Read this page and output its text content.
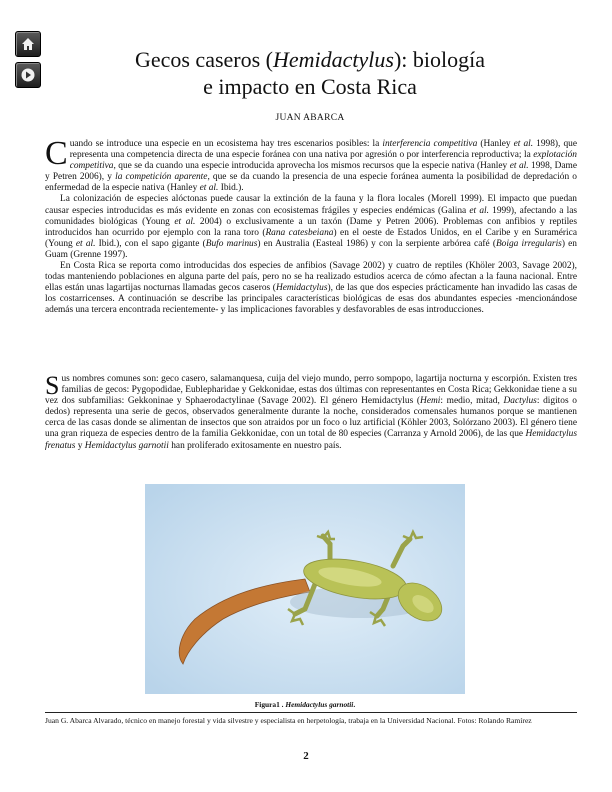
Gecos caseros (Hemidactylus): biología
e impacto en Costa Rica
JUAN ABARCA

Cuando se introduce una especie en un ecosistema hay tres escenarios posibles: la interferencia competitiva (Hanley et al. 1998), que representa una competencia directa de una especie foránea con una nativa por agresión o por interferencia reproductiva; la explotación competitiva, que se da cuando una especie introducida aprovecha los mismos recursos que la especie nativa (Hanley et al. 1998, Dame y Petren 2006), y la competición aparente, que se da cuando la presencia de una especie foránea aumenta la posibilidad de depredación o enfermedad de la especie nativa (Hanley et al. Ibid.).

La colonización de especies alóctonas puede causar la extinción de la fauna y la flora locales (Morell 1999). El impacto que puedan causar especies introducidas es más evidente en zonas con ecosistemas frágiles y especies endémicas (Galina et al. 1999), afectando a las comunidades biológicas (Young et al. 2004) o exclusivamente a un taxón (Dame y Petren 2006). Problemas con anfibios y reptiles introducidos han ocurrido por ejemplo con la rana toro (Rana catesbeiana) en el oeste de Estados Unidos, en el Caribe y en Suramérica (Young et al. Ibid.), con el sapo gigante (Bufo marinus) en Australia (Easteal 1986) y con la serpiente arbórea café (Boiga irregularis) en Guam (Grenne 1997).

En Costa Rica se reporta como introducidas dos especies de anfibios (Savage 2002) y cuatro de reptiles (Khöler 2003, Savage 2002), todas manteniendo poblaciones en alguna parte del país, pero no se ha realizado estudios acerca de cómo afectan a la fauna nacional. Entre ellas están unas lagartijas nocturnas llamadas gecos caseros (Hemidactylus), de las que dos especies prácticamente han invadido las casas de los costarricenses. A continuación se describe las principales características biológicas de esas dos abundantes especies -mencionándose además una tercera encontrada recientemente- y las implicaciones favorables y desfavorables de esas introducciones.

Sus nombres comunes son: geco casero, salamanquesa, cuija del viejo mundo, perro sompopo, lagartija nocturna y escorpión. Existen tres familias de gecos: Pygopodidae, Eublepharidae y Gekkonidae, estas dos últimas con representantes en Costa Rica; Gekkonidae tiene a su vez dos subfamilias: Gekkoninae y Sphaerodactylinae (Savage 2002). El género Hemidactylus (Hemi: medio, mitad, Dactylus: digitos o dedos) representa una serie de gecos, observados generalmente durante la noche, considerados comensales humanos porque se mantienen cerca de las casas donde se alimentan de insectos que son atraidos por un foco o luz artificial (Köhler 2003, Solórzano 2003). El género tiene una gran riqueza de especies dentro de la familia Gekkonidae, con un total de 80 especies (Carranza y Arnold 2006), de las que Hemidactylus frenatus y Hemidactylus garnotii han proliferado exitosamente en nuestro país.

Figura1 . Hemidactylus garnotii.
Juan G. Abarca Alvarado, técnico en manejo forestal y vida silvestre y especialista en herpetología, trabaja en la Universidad Nacional. Fotos: Rolando Ramírez
2
